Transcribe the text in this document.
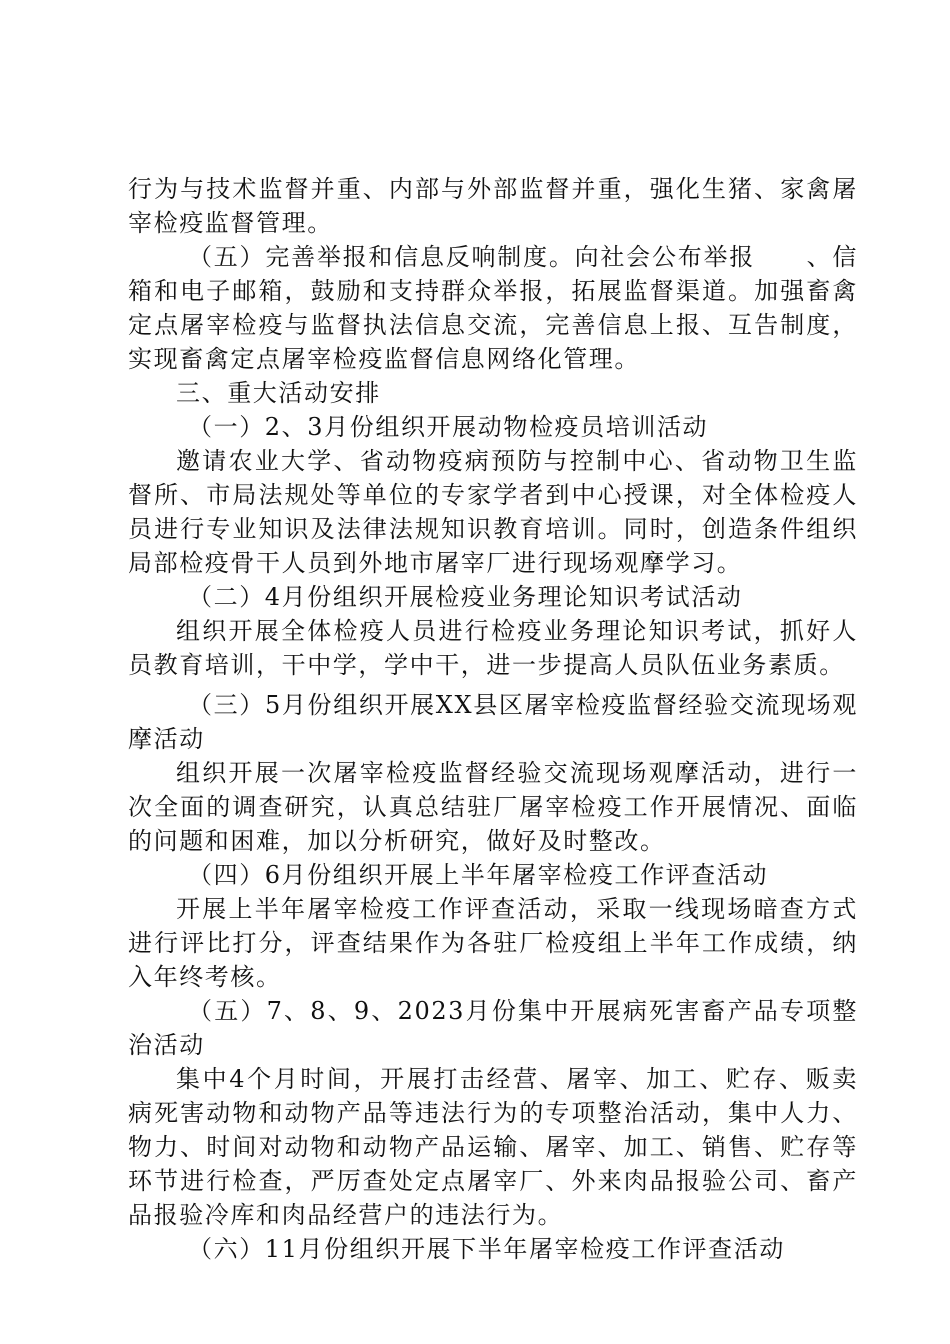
行为与技术监督并重、内部与外部监督并重，强化生猪、家禽屠宰检疫监督管理。

（五）完善举报和信息反响制度。向社会公布举报　　、信箱和电子邮箱，鼓励和支持群众举报，拓展监督渠道。加强畜禽定点屠宰检疫与监督执法信息交流，完善信息上报、互告制度，实现畜禽定点屠宰检疫监督信息网络化管理。

三、重大活动安排

（一）2、3月份组织开展动物检疫员培训活动

邀请农业大学、省动物疫病预防与控制中心、省动物卫生监督所、市局法规处等单位的专家学者到中心授课，对全体检疫人员进行专业知识及法律法规知识教育培训。同时，创造条件组织局部检疫骨干人员到外地市屠宰厂进行现场观摩学习。

（二）4月份组织开展检疫业务理论知识考试活动

组织开展全体检疫人员进行检疫业务理论知识考试，抓好人员教育培训，干中学，学中干，进一步提高人员队伍业务素质。

（三）5月份组织开展XX县区屠宰检疫监督经验交流现场观摩活动

组织开展一次屠宰检疫监督经验交流现场观摩活动，进行一次全面的调查研究，认真总结驻厂屠宰检疫工作开展情况、面临的问题和困难，加以分析研究，做好及时整改。

（四）6月份组织开展上半年屠宰检疫工作评查活动

开展上半年屠宰检疫工作评查活动，采取一线现场暗查方式进行评比打分，评查结果作为各驻厂检疫组上半年工作成绩，纳入年终考核。

（五）7、8、9、2023月份集中开展病死害畜产品专项整治活动

集中4个月时间，开展打击经营、屠宰、加工、贮存、贩卖病死害动物和动物产品等违法行为的专项整治活动，集中人力、物力、时间对动物和动物产品运输、屠宰、加工、销售、贮存等环节进行检查，严厉查处定点屠宰厂、外来肉品报验公司、畜产品报验冷库和肉品经营户的违法行为。

（六）11月份组织开展下半年屠宰检疫工作评查活动
